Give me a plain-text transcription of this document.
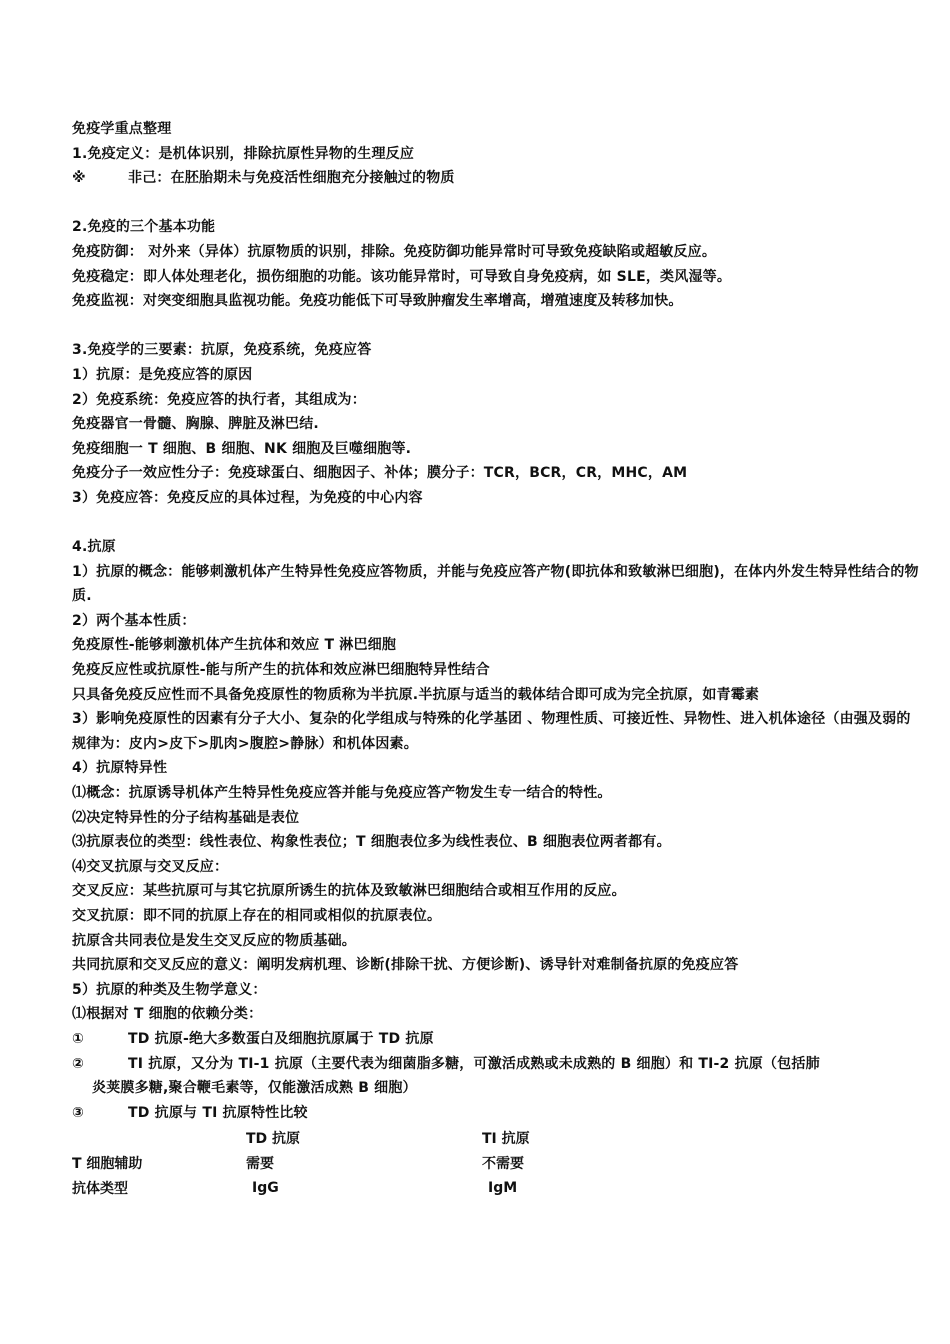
免疫学重点整理
1.免疫定义：是机体识别，排除抗原性异物的生理反应
※	非己：在胚胎期未与免疫活性细胞充分接触过的物质
2.免疫的三个基本功能
免疫防御： 对外来（异体）抗原物质的识别，排除。免疫防御功能异常时可导致免疫缺陷或超敏反应。
免疫稳定：即人体处理老化，损伤细胞的功能。该功能异常时，可导致自身免疫病，如 SLE，类风湿等。
免疫监视：对突变细胞具监视功能。免疫功能低下可导致肿瘤发生率增高，增殖速度及转移加快。
3.免疫学的三要素：抗原，免疫系统，免疫应答
1）抗原：是免疫应答的原因
2）免疫系统：免疫应答的执行者，其组成为：
免疫器官一骨髓、胸腺、脾脏及淋巴结.
免疫细胞一 T 细胞、B 细胞、NK 细胞及巨噬细胞等.
免疫分子一效应性分子：免疫球蛋白、细胞因子、补体；膜分子：TCR，BCR，CR，MHC，AM
3）免疫应答：免疫反应的具体过程，为免疫的中心内容
4.抗原
1）抗原的概念：能够刺激机体产生特异性免疫应答物质，并能与免疫应答产物(即抗体和致敏淋巴细胞)，在体内外发生特异性结合的物质.
2）两个基本性质：
免疫原性-能够刺激机体产生抗体和效应 T 淋巴细胞
免疫反应性或抗原性-能与所产生的抗体和效应淋巴细胞特异性结合
只具备免疫反应性而不具备免疫原性的物质称为半抗原.半抗原与适当的载体结合即可成为完全抗原，如青霉素
3）影响免疫原性的因素有分子大小、复杂的化学组成与特殊的化学基团 、物理性质、可接近性、异物性、进入机体途径（由强及弱的规律为：皮内>皮下>肌肉>腹腔>静脉）和机体因素。
4）抗原特异性
⑴概念：抗原诱导机体产生特异性免疫应答并能与免疫应答产物发生专一结合的特性。
⑵决定特异性的分子结构基础是表位
⑶抗原表位的类型：线性表位、构象性表位；T 细胞表位多为线性表位、B 细胞表位两者都有。
⑷交叉抗原与交叉反应：
交叉反应：某些抗原可与其它抗原所诱生的抗体及致敏淋巴细胞结合或相互作用的反应。
交叉抗原：即不同的抗原上存在的相同或相似的抗原表位。
抗原含共同表位是发生交叉反应的物质基础。
共同抗原和交叉反应的意义：阐明发病机理、诊断(排除干扰、方便诊断)、诱导针对难制备抗原的免疫应答
5）抗原的种类及生物学意义：
⑴根据对 T 细胞的依赖分类：
①	TD 抗原-绝大多数蛋白及细胞抗原属于 TD 抗原
②	TI 抗原，又分为 TI-1 抗原（主要代表为细菌脂多糖，可激活成熟或未成熟的 B 细胞）和 TI-2 抗原（包括肺
炎荚膜多糖,聚合鞭毛素等，仅能激活成熟 B 细胞）
③	TD 抗原与 TI 抗原特性比较
	TD 抗原	TI 抗原
T 细胞辅助	需要	不需要
抗体类型	IgG	IgM
